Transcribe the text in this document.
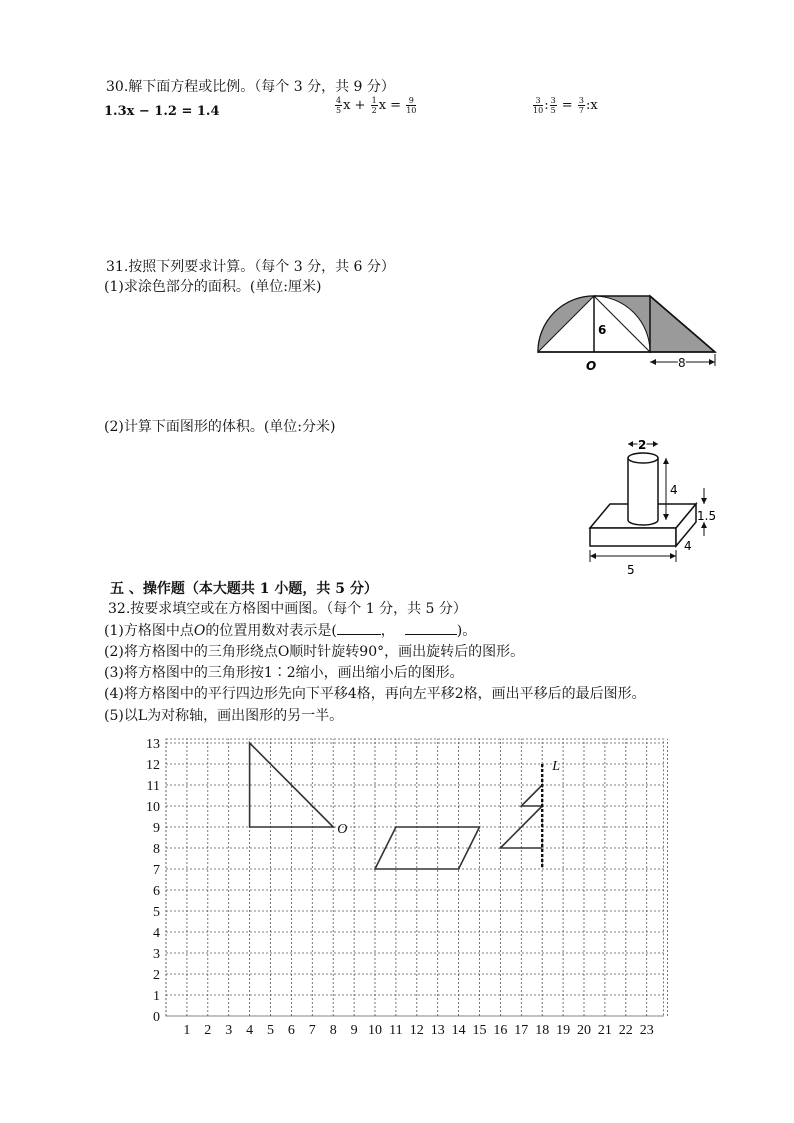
30.解下面方程或比例。（每个 3 分，共 9 分）
1.3x − 1.2 = 1.4	$\frac{4}{5}$ $x + \frac{1}{2}$ $x = \frac{9}{10}$	$\frac{3}{10}$ : $\frac{3}{5} = \frac{3}{7}$ :x
31.按照下列要求计算。（每个 3 分，共 6 分）
(1)求涂色部分的面积。(单位:厘米)
6
O	8
(2)计算下面图形的体积。(单位:分米)
2
4
1.5
4
5
五 、操作题（本大题共 1 小题，共 5 分）
32.按要求填空或在方格图中画图。（每个 1 分，共 5 分）
(1)方格图中点O的位置用数对表示是(	，	)。
(2)将方格图中的三角形绕点O顺时针旋转90°，画出旋转后的图形。
(3)将方格图中的三角形按1∶2缩小，画出缩小后的图形。
(4)将方格图中的平行四边形先向下平移4格，再向左平移2格，画出平移后的最后图形。
(5)以L为对称轴，画出图形的另一半。
0
1
2
3
4
5
6
7
8
9
10
11
12
13
1 2 3 4 5 6 7 8 9 10 11 12 13 14 15 16 17 18 19 20 21 22 23
O
L
